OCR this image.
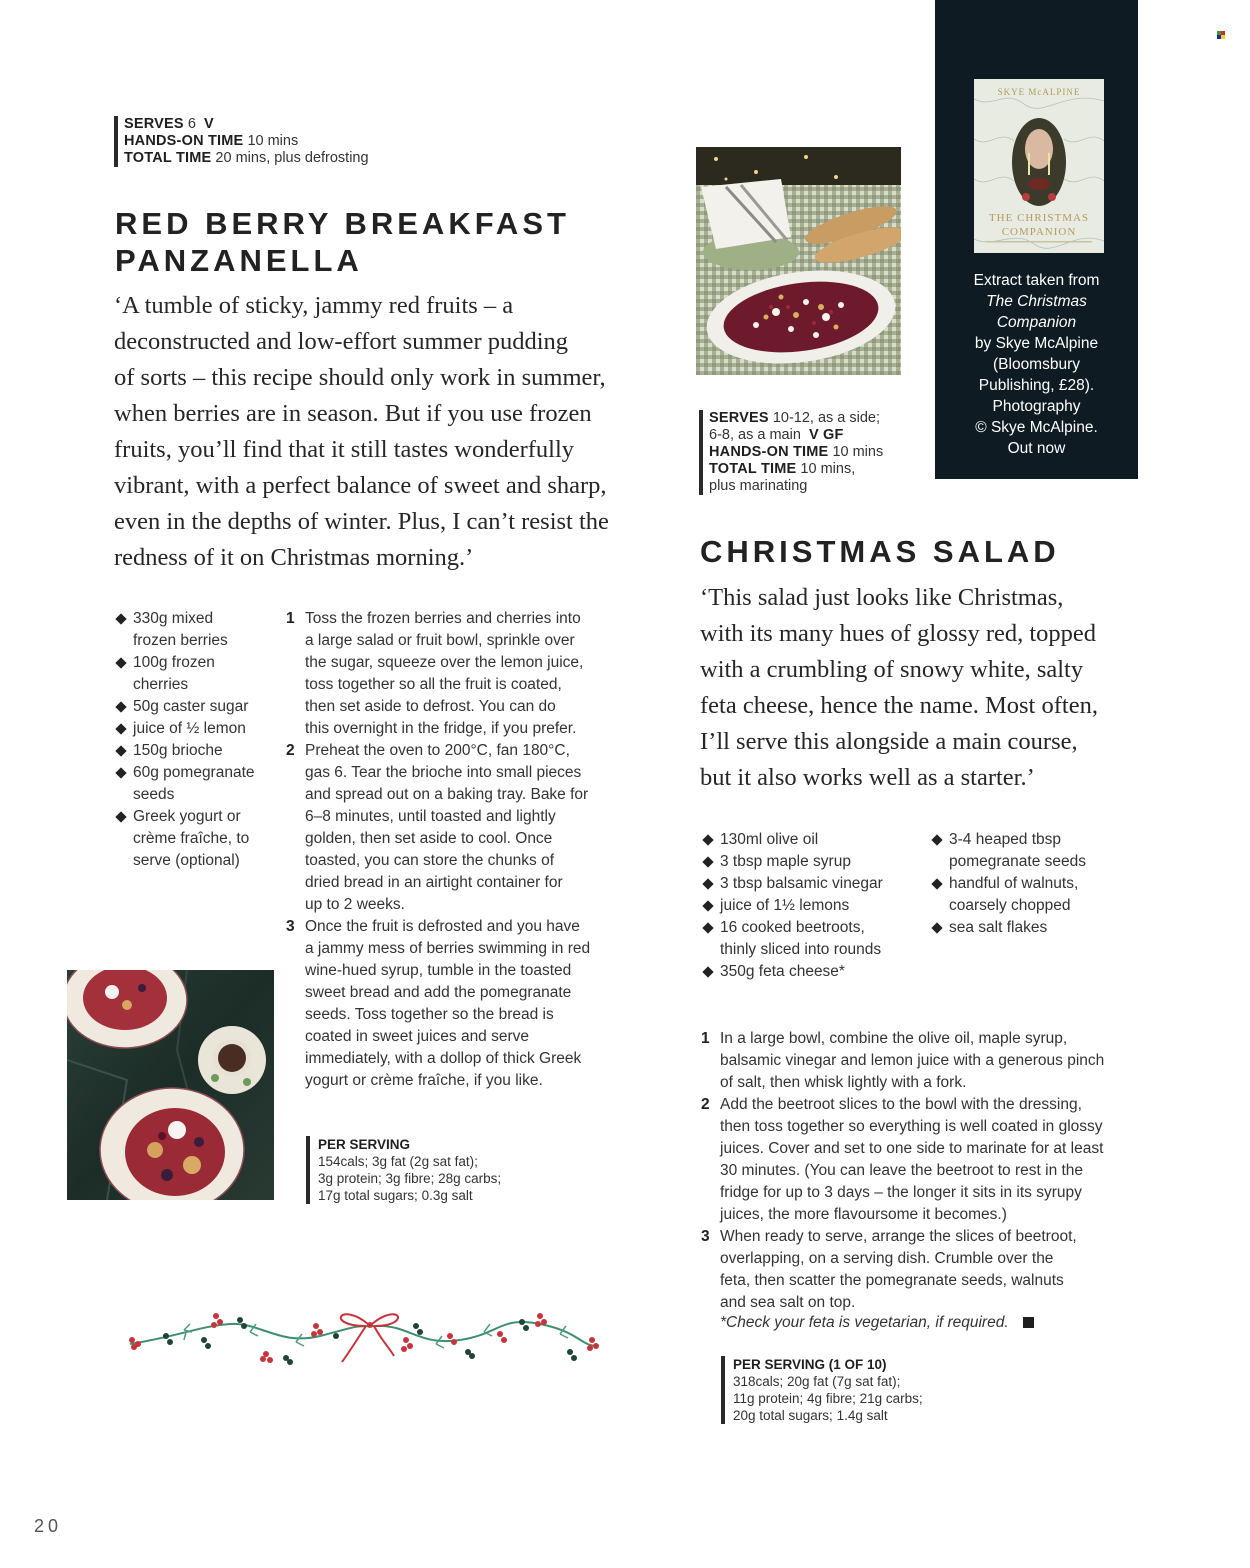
SERVES 6 V
HANDS-ON TIME 10 mins
TOTAL TIME 20 mins, plus defrosting
RED BERRY BREAKFAST
PANZANELLA
‘A tumble of sticky, jammy red fruits – a
deconstructed and low-effort summer pudding
of sorts – this recipe should only work in summer,
when berries are in season. But if you use frozen
fruits, you’ll find that it still tastes wonderfully
vibrant, with a perfect balance of sweet and sharp,
even in the depths of winter. Plus, I can’t resist the
redness of it on Christmas morning.’
330g mixed
frozen berries
100g frozen
cherries
50g caster sugar
juice of ½ lemon
150g brioche
60g pomegranate
seeds
Greek yogurt or
crème fraîche, to
serve (optional)
1 Toss the frozen berries and cherries into
a large salad or fruit bowl, sprinkle over
the sugar, squeeze over the lemon juice,
toss together so all the fruit is coated,
then set aside to defrost. You can do
this overnight in the fridge, if you prefer.
2 Preheat the oven to 200°C, fan 180°C,
gas 6. Tear the brioche into small pieces
and spread out on a baking tray. Bake for
6–8 minutes, until toasted and lightly
golden, then set aside to cool. Once
toasted, you can store the chunks of
dried bread in an airtight container for
up to 2 weeks.
3 Once the fruit is defrosted and you have
a jammy mess of berries swimming in red
wine-hued syrup, tumble in the toasted
sweet bread and add the pomegranate
seeds. Toss together so the bread is
coated in sweet juices and serve
immediately, with a dollop of thick Greek
yogurt or crème fraîche, if you like.
PER SERVING
154cals; 3g fat (2g sat fat);
3g protein; 3g fibre; 28g carbs;
17g total sugars; 0.3g salt
20
SERVES 10-12, as a side;
6-8, as a main V GF
HANDS-ON TIME 10 mins
TOTAL TIME 10 mins,
plus marinating
CHRISTMAS SALAD
‘This salad just looks like Christmas,
with its many hues of glossy red, topped
with a crumbling of snowy white, salty
feta cheese, hence the name. Most often,
I’ll serve this alongside a main course,
but it also works well as a starter.’
130ml olive oil
3 tbsp maple syrup
3 tbsp balsamic vinegar
juice of 1½ lemons
16 cooked beetroots,
thinly sliced into rounds
350g feta cheese*
3-4 heaped tbsp
pomegranate seeds
handful of walnuts,
coarsely chopped
sea salt flakes
1 In a large bowl, combine the olive oil, maple syrup,
balsamic vinegar and lemon juice with a generous pinch
of salt, then whisk lightly with a fork.
2 Add the beetroot slices to the bowl with the dressing,
then toss together so everything is well coated in glossy
juices. Cover and set to one side to marinate for at least
30 minutes. (You can leave the beetroot to rest in the
fridge for up to 3 days – the longer it sits in its syrupy
juices, the more flavoursome it becomes.)
3 When ready to serve, arrange the slices of beetroot,
overlapping, on a serving dish. Crumble over the
feta, then scatter the pomegranate seeds, walnuts
and sea salt on top.
*Check your feta is vegetarian, if required.
PER SERVING (1 OF 10)
318cals; 20g fat (7g sat fat);
11g protein; 4g fibre; 21g carbs;
20g total sugars; 1.4g salt
SKYE McALPINE
THE CHRISTMAS
COMPANION
Extract taken from
The Christmas
Companion
by Skye McAlpine
(Bloomsbury
Publishing, £28).
Photography
© Skye McAlpine.
Out now
